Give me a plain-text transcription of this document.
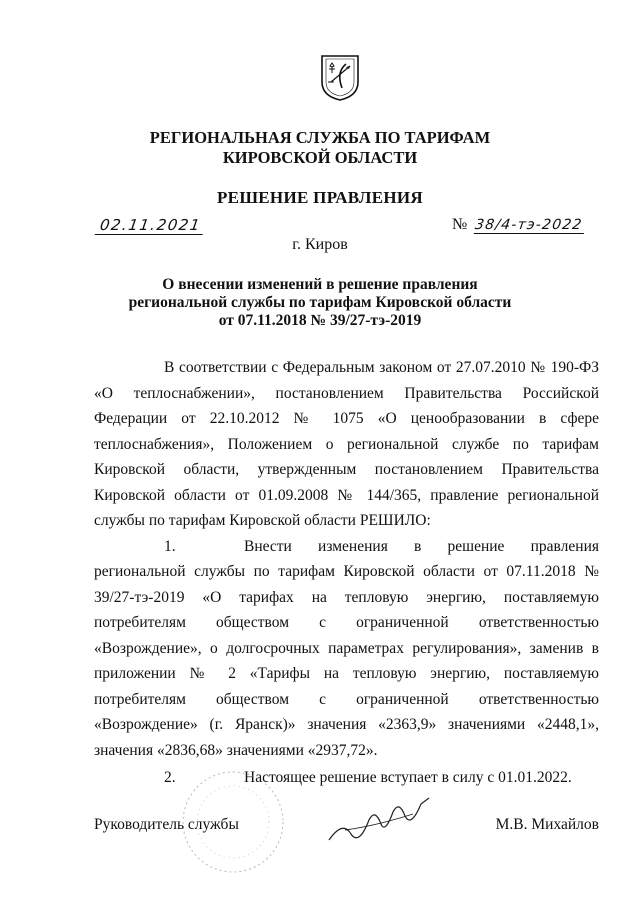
РЕГИОНАЛЬНАЯ СЛУЖБА ПО ТАРИФАМ
КИРОВСКОЙ ОБЛАСТИ
РЕШЕНИЕ ПРАВЛЕНИЯ
02.11.2021	№ 38/4-тэ-2022
г. Киров
О внесении изменений в решение правления
региональной службы по тарифам Кировской области
от 07.11.2018 № 39/27-тэ-2019

В соответствии с Федеральным законом от 27.07.2010 № 190-ФЗ «О теплоснабжении», постановлением Правительства Российской Федерации от 22.10.2012 № 1075 «О ценообразовании в сфере теплоснабжения», Положением о региональной службе по тарифам Кировской области, утвержденным постановлением Правительства Кировской области от 01.09.2008 № 144/365, правление региональной службы по тарифам Кировской области РЕШИЛО:

1.	Внести изменения в решение правления региональной службы по тарифам Кировской области от 07.11.2018 № 39/27-тэ-2019 «О тарифах на тепловую энергию, поставляемую потребителям обществом с ограниченной ответственностью «Возрождение», о долгосрочных параметрах регулирования», заменив в приложении № 2 «Тарифы на тепловую энергию, поставляемую потребителям обществом с ограниченной ответственностью «Возрождение» (г. Яранск)» значения «2363,9» значениями «2448,1», значения «2836,68» значениями «2937,72».

2.	Настоящее решение вступает в силу с 01.01.2022.

Руководитель службы	М.В. Михайлов
